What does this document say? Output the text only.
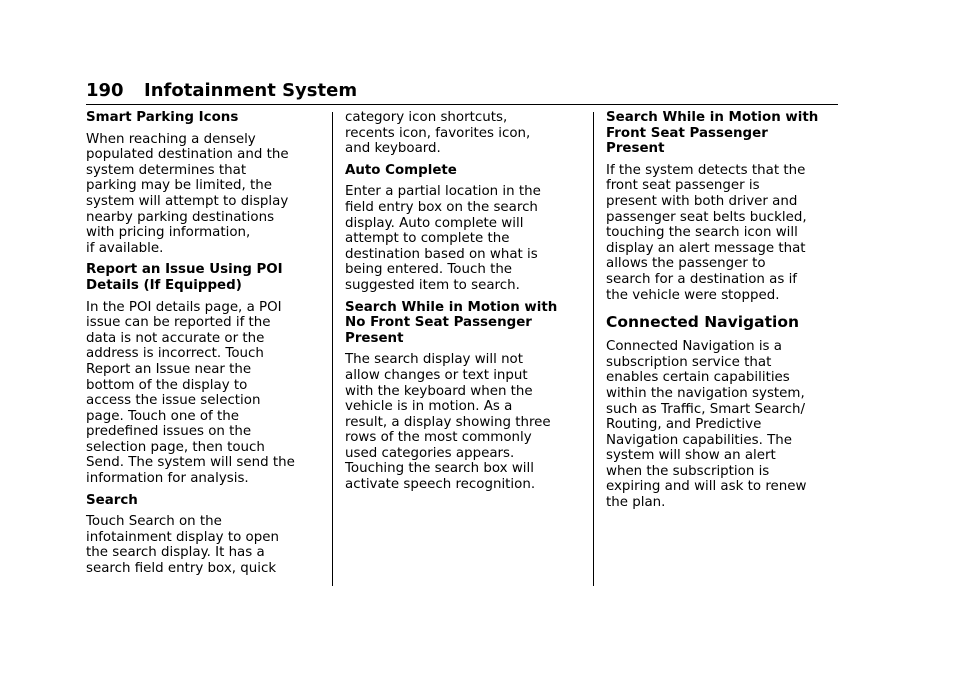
190 Infotainment System
Smart Parking Icons
When reaching a densely
populated destination and the
system determines that
parking may be limited, the
system will attempt to display
nearby parking destinations
with pricing information,
if available.
Report an Issue Using POI
Details (If Equipped)
In the POI details page, a POI
issue can be reported if the
data is not accurate or the
address is incorrect. Touch
Report an Issue near the
bottom of the display to
access the issue selection
page. Touch one of the
predefined issues on the
selection page, then touch
Send. The system will send the
information for analysis.
Search
Touch Search on the
infotainment display to open
the search display. It has a
search field entry box, quick
category icon shortcuts,
recents icon, favorites icon,
and keyboard.
Auto Complete
Enter a partial location in the
field entry box on the search
display. Auto complete will
attempt to complete the
destination based on what is
being entered. Touch the
suggested item to search.
Search While in Motion with
No Front Seat Passenger
Present
The search display will not
allow changes or text input
with the keyboard when the
vehicle is in motion. As a
result, a display showing three
rows of the most commonly
used categories appears.
Touching the search box will
activate speech recognition.
Search While in Motion with
Front Seat Passenger
Present
If the system detects that the
front seat passenger is
present with both driver and
passenger seat belts buckled,
touching the search icon will
display an alert message that
allows the passenger to
search for a destination as if
the vehicle were stopped.
Connected Navigation
Connected Navigation is a
subscription service that
enables certain capabilities
within the navigation system,
such as Traffic, Smart Search/
Routing, and Predictive
Navigation capabilities. The
system will show an alert
when the subscription is
expiring and will ask to renew
the plan.
